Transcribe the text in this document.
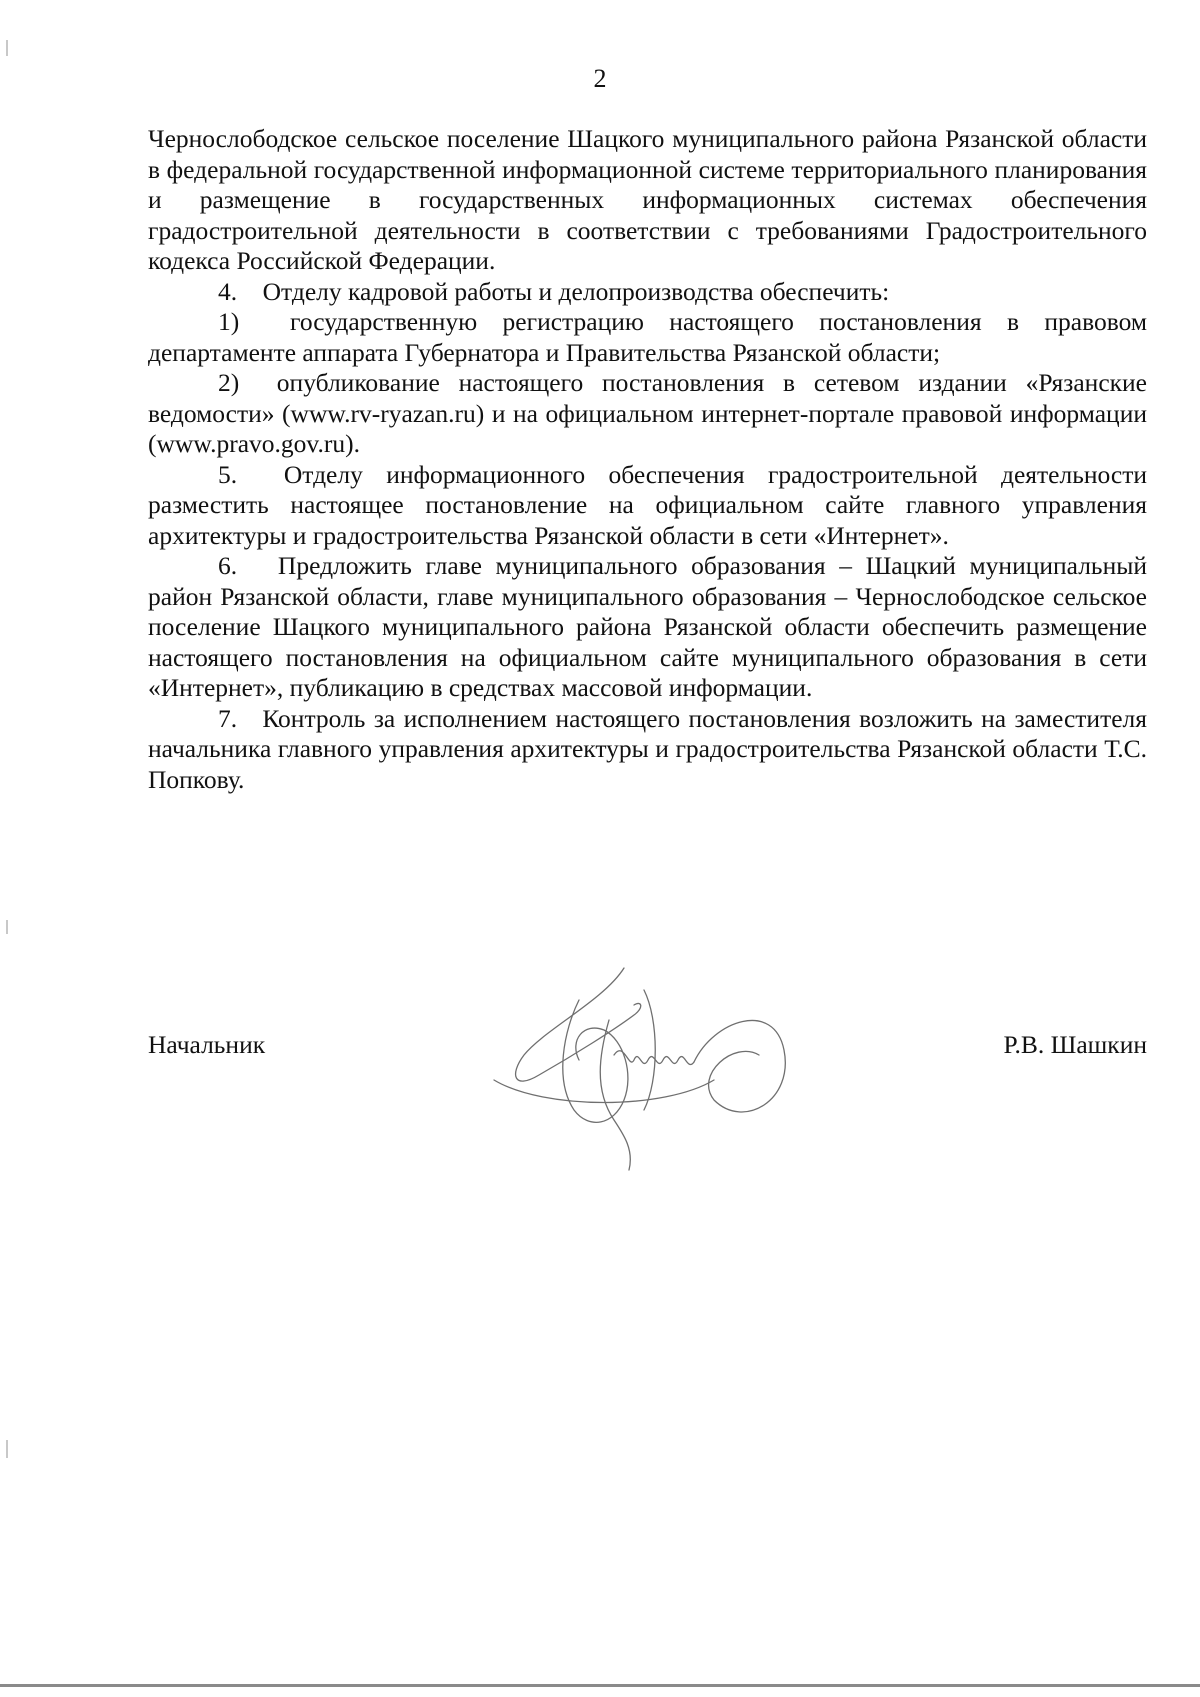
2

Чернослободское сельское поселение Шацкого муниципального района Рязанской области в федеральной государственной информационной системе территориального планирования и размещение в государственных информационных системах обеспечения градостроительной деятельности в соответствии с требованиями Градостроительного кодекса Российской Федерации.

4.    Отделу кадровой работы и делопроизводства обеспечить:

1)  государственную регистрацию настоящего постановления в правовом департаменте аппарата Губернатора и Правительства Рязанской области;

2)  опубликование настоящего постановления в сетевом издании «Рязанские ведомости» (www.rv-ryazan.ru) и на официальном интернет-портале правовой информации (www.pravo.gov.ru).

5.  Отделу информационного обеспечения градостроительной деятельности разместить настоящее постановление на официальном сайте главного управления архитектуры и градостроительства Рязанской области в сети «Интернет».

6.   Предложить главе муниципального образования – Шацкий муниципальный район Рязанской области, главе муниципального образования – Чернослободское сельское поселение Шацкого муниципального района Рязанской области обеспечить размещение настоящего постановления на официальном сайте муниципального образования в сети «Интернет», публикацию в средствах массовой информации.

7.   Контроль за исполнением настоящего постановления возложить на заместителя начальника главного управления архитектуры и градостроительства Рязанской области Т.С. Попкову.

Начальник	Р.В. Шашкин
